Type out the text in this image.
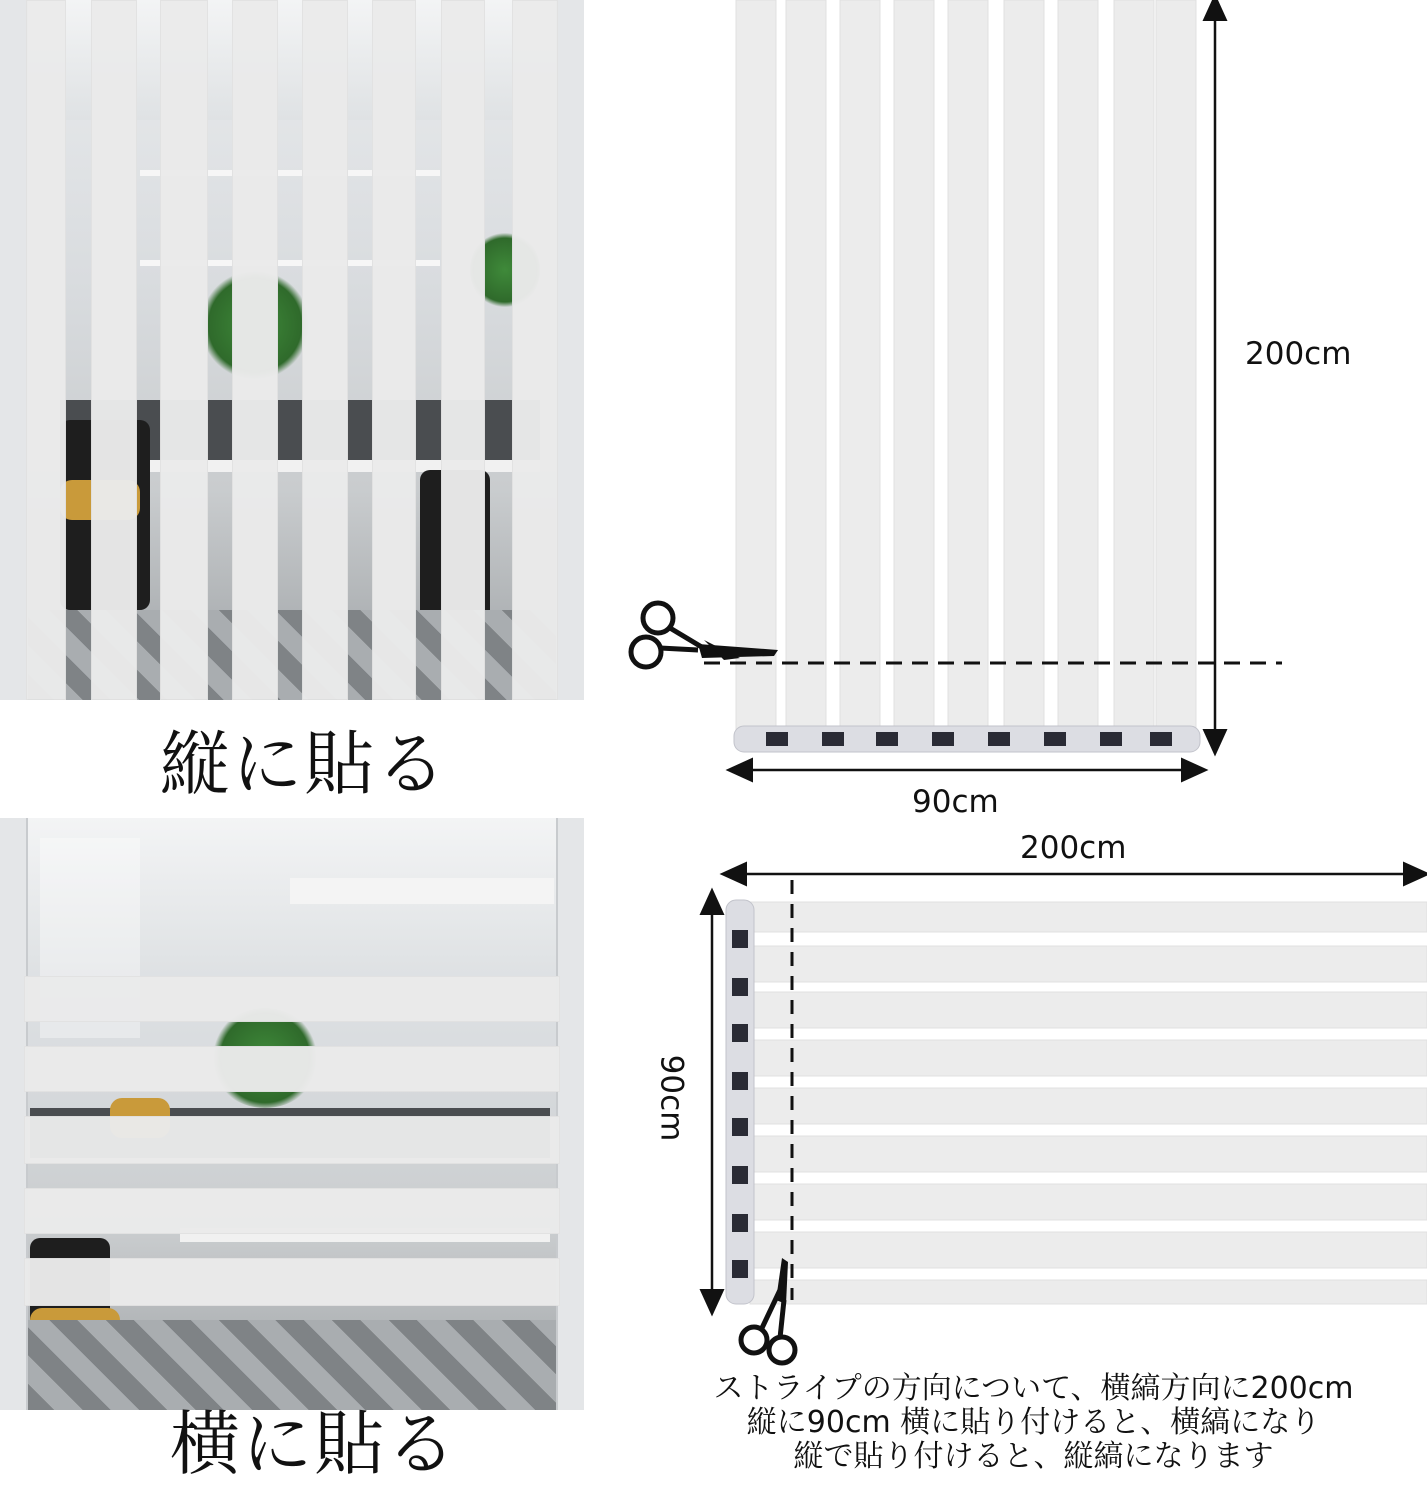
縦に貼る
横に貼る
200cm
90cm
200cm
90cm
ストライプの方向について、横縞方向に200cm
縦に90cm 横に貼り付けると、横縞になり
縦で貼り付けると、縦縞になります
